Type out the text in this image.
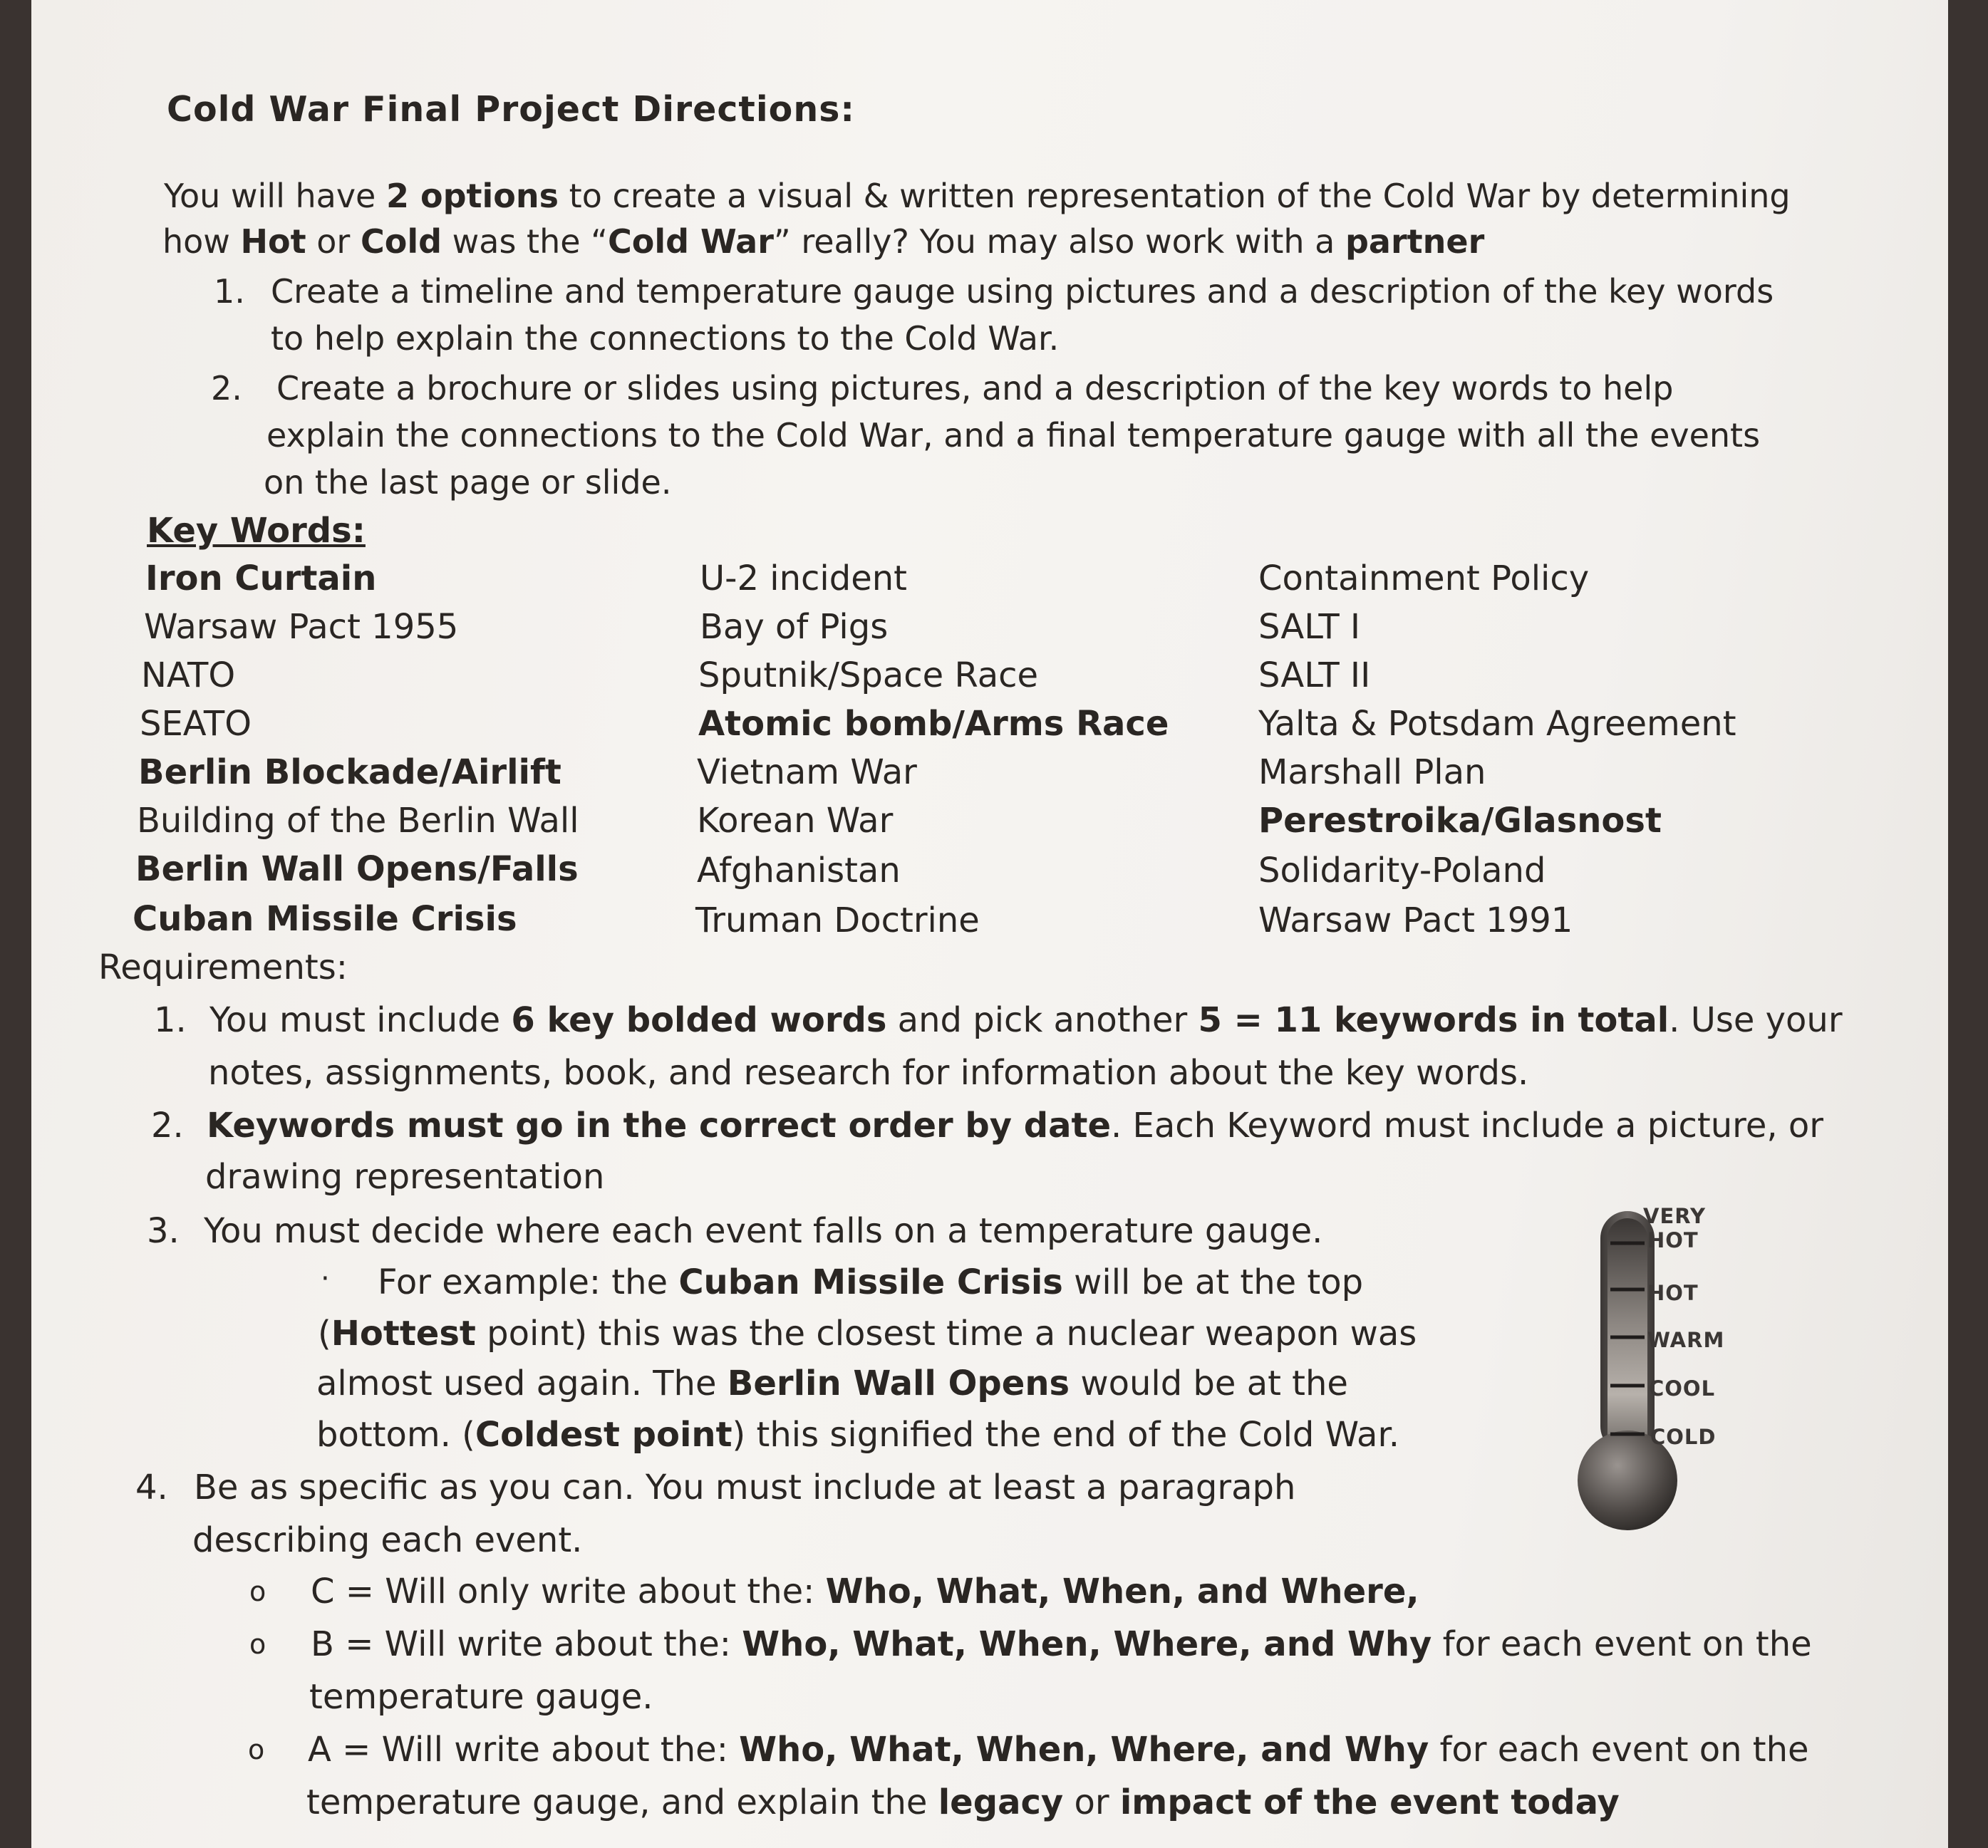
Cold War Final Project Directions:
You will have 2 options to create a visual & written representation of the Cold War by determining
how Hot or Cold was the “Cold War” really? You may also work with a partner
1. Create a timeline and temperature gauge using pictures and a description of the key words
to help explain the connections to the Cold War.
2. Create a brochure or slides using pictures, and a description of the key words to help
explain the connections to the Cold War, and a final temperature gauge with all the events
on the last page or slide.
Key Words:
Iron Curtain
Warsaw Pact 1955
NATO
SEATO
Berlin Blockade/Airlift
Building of the Berlin Wall
Berlin Wall Opens/Falls
Cuban Missile Crisis
U-2 incident
Bay of Pigs
Sputnik/Space Race
Atomic bomb/Arms Race
Vietnam War
Korean War
Afghanistan
Truman Doctrine
Containment Policy
SALT I
SALT II
Yalta & Potsdam Agreement
Marshall Plan
Perestroika/Glasnost
Solidarity-Poland
Warsaw Pact 1991
Requirements:
1. You must include 6 key bolded words and pick another 5 = 11 keywords in total. Use your
notes, assignments, book, and research for information about the key words.
2. Keywords must go in the correct order by date. Each Keyword must include a picture, or
drawing representation
3. You must decide where each event falls on a temperature gauge.
· For example: the Cuban Missile Crisis will be at the top
(Hottest point) this was the closest time a nuclear weapon was
almost used again. The Berlin Wall Opens would be at the
bottom. (Coldest point) this signified the end of the Cold War.
4. Be as specific as you can. You must include at least a paragraph
describing each event.
o C = Will only write about the: Who, What, When, and Where,
o B = Will write about the: Who, What, When, Where, and Why for each event on the
temperature gauge.
o A = Will write about the: Who, What, When, Where, and Why for each event on the
temperature gauge, and explain the legacy or impact of the event today
VERY
HOT
HOT
WARM
COOL
COLD
